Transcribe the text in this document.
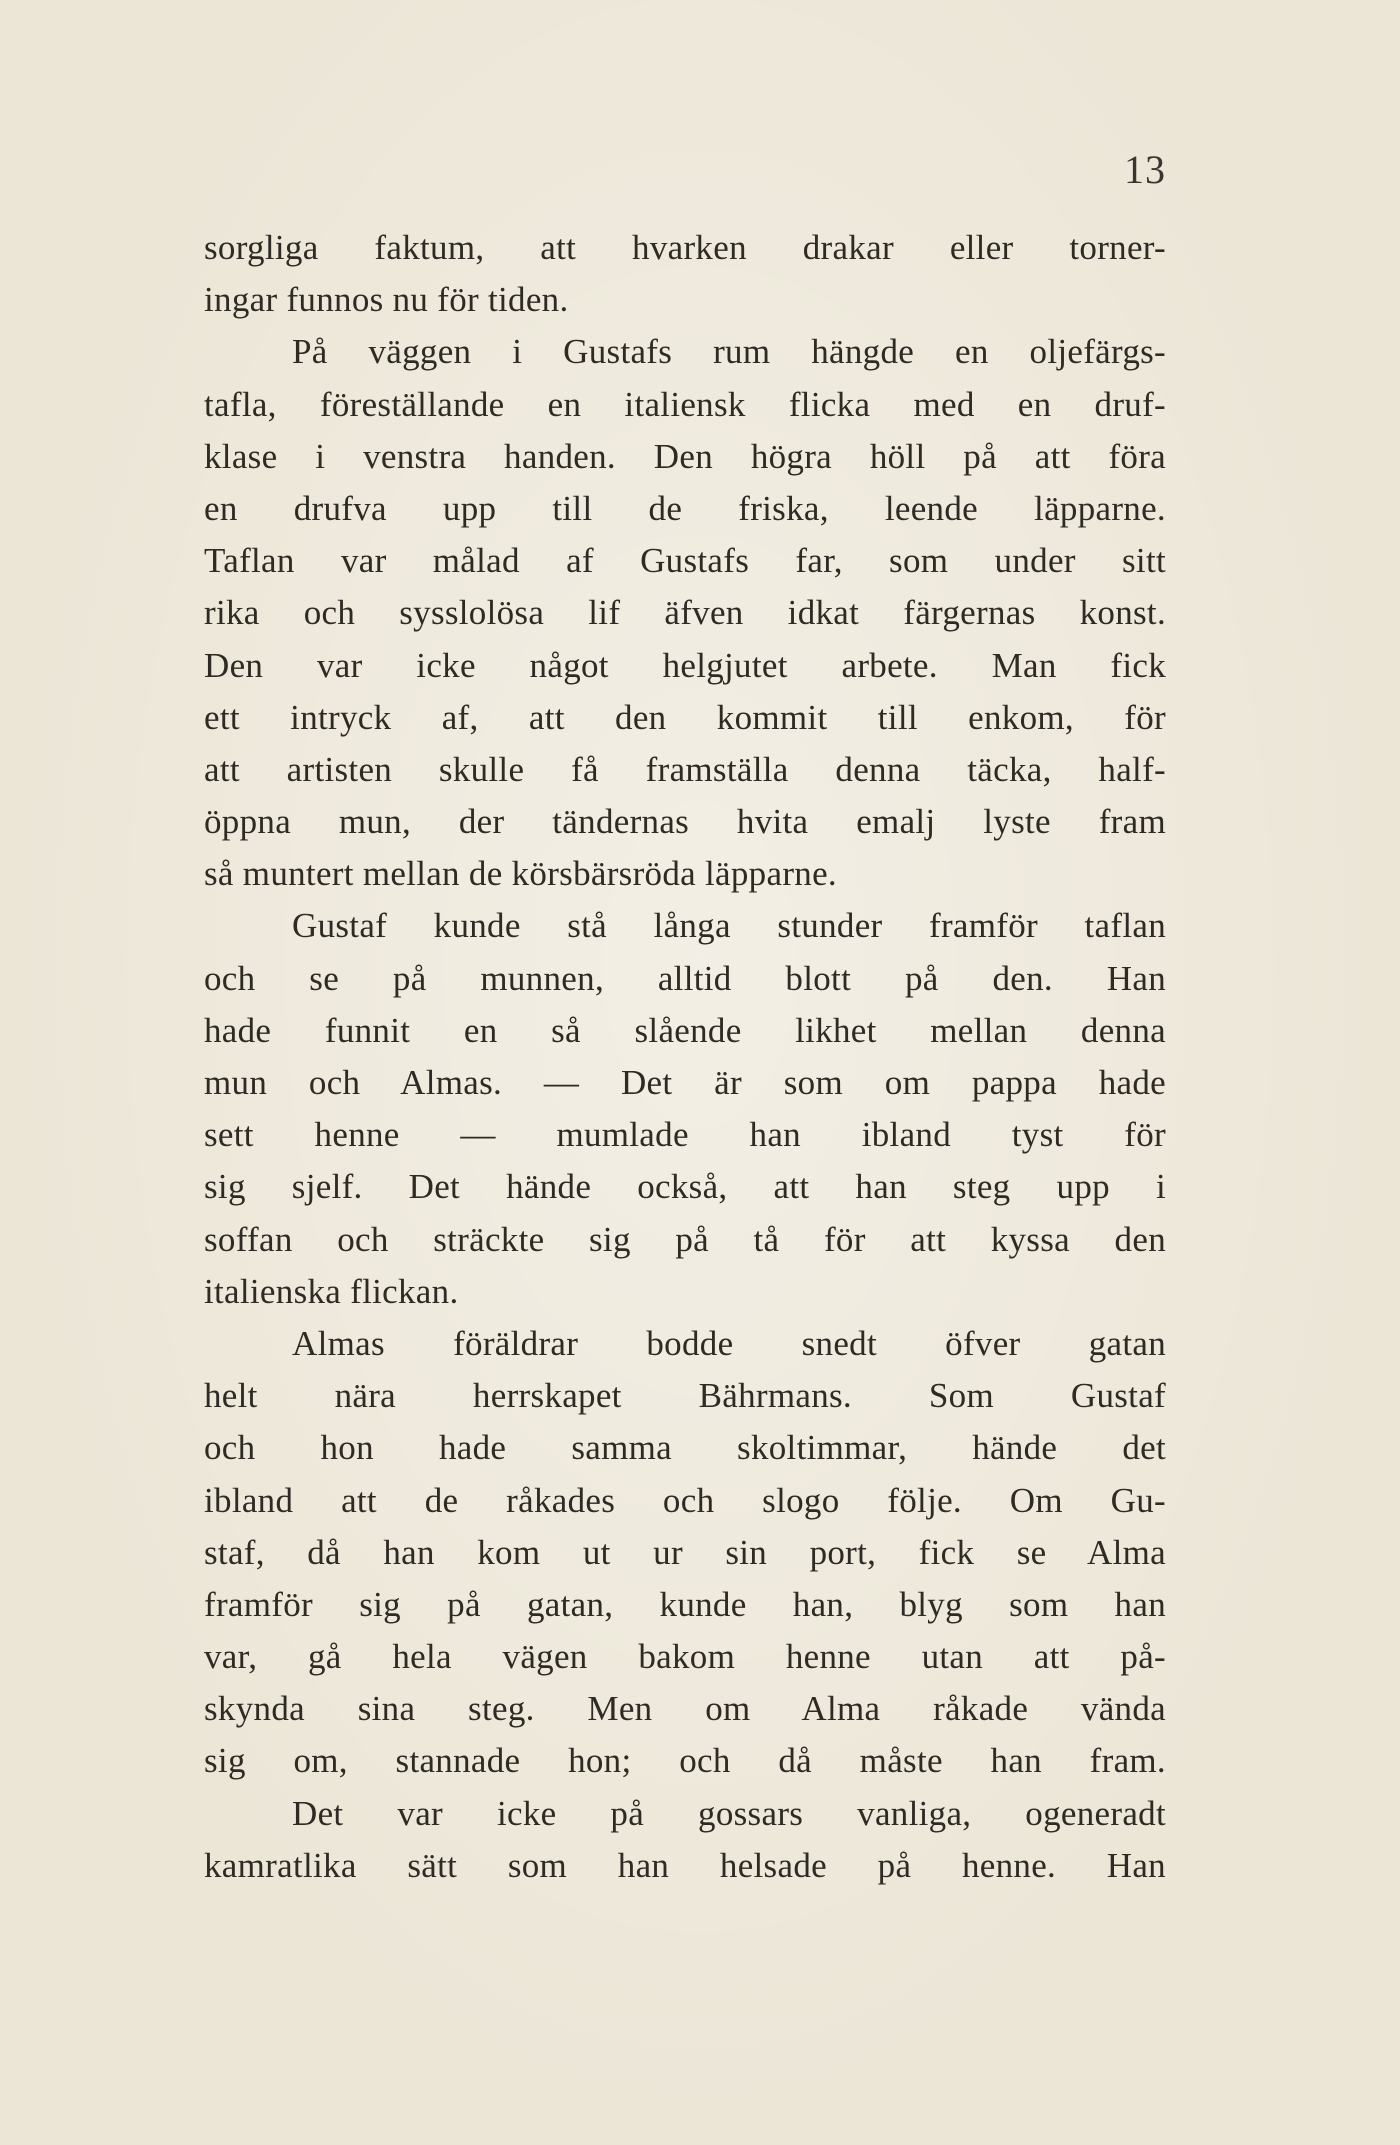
13
sorgliga faktum, att hvarken drakar eller torner-
ingar funnos nu för tiden.
På väggen i Gustafs rum hängde en oljefärgs-
tafla, föreställande en italiensk flicka med en druf-
klase i venstra handen. Den högra höll på att föra
en drufva upp till de friska, leende läpparne.
Taflan var målad af Gustafs far, som under sitt
rika och sysslolösa lif äfven idkat färgernas konst.
Den var icke något helgjutet arbete. Man fick
ett intryck af, att den kommit till enkom, för
att artisten skulle få framställa denna täcka, half-
öppna mun, der tändernas hvita emalj lyste fram
så muntert mellan de körsbärsröda läpparne.
Gustaf kunde stå långa stunder framför taflan
och se på munnen, alltid blott på den. Han
hade funnit en så slående likhet mellan denna
mun och Almas. — Det är som om pappa hade
sett henne — mumlade han ibland tyst för
sig sjelf. Det hände också, att han steg upp i
soffan och sträckte sig på tå för att kyssa den
italienska flickan.
Almas föräldrar bodde snedt öfver gatan
helt nära herrskapet Bährmans. Som Gustaf
och hon hade samma skoltimmar, hände det
ibland att de råkades och slogo följe. Om Gu-
staf, då han kom ut ur sin port, fick se Alma
framför sig på gatan, kunde han, blyg som han
var, gå hela vägen bakom henne utan att på-
skynda sina steg. Men om Alma råkade vända
sig om, stannade hon; och då måste han fram.
Det var icke på gossars vanliga, ogeneradt
kamratlika sätt som han helsade på henne. Han
